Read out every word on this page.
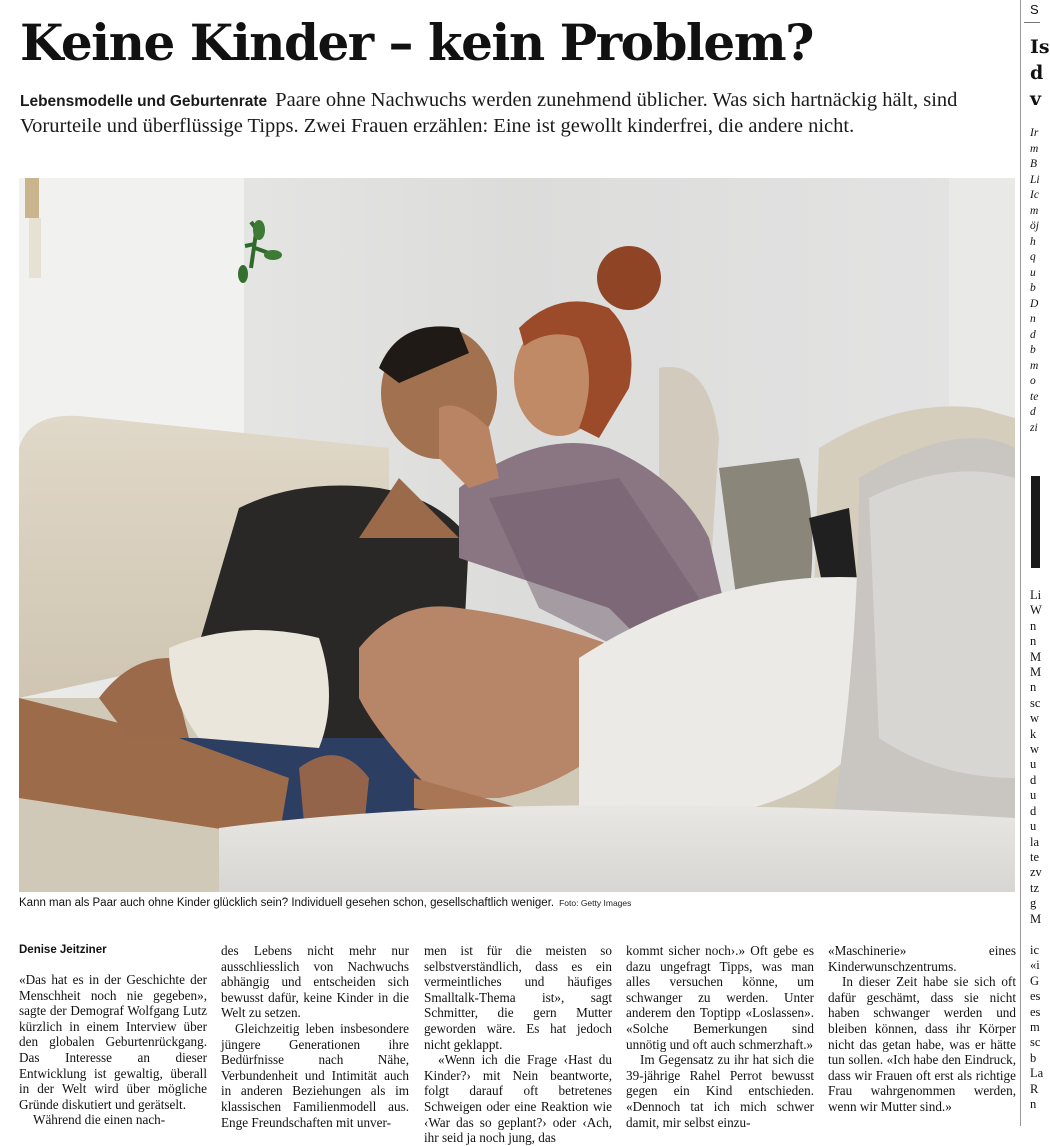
Keine Kinder – kein Problem?
Lebensmodelle und Geburtenrate Paare ohne Nachwuchs werden zunehmend üblicher. Was sich hartnäckig hält, sind Vorurteile und überflüssige Tipps. Zwei Frauen erzählen: Eine ist gewollt kinderfrei, die andere nicht.
Kann man als Paar auch ohne Kinder glücklich sein? Individuell gesehen schon, gesellschaftlich weniger. Foto: Getty Images
Denise Jeitziner

«Das hat es in der Geschichte der Menschheit noch nie gegeben», sagte der Demograf Wolfgang Lutz kürzlich in einem Interview über den globalen Geburtenrückgang. Das Interesse an dieser Entwicklung ist gewaltig, überall in der Welt wird über mögliche Gründe diskutiert und gerätselt.

Während die einen nach-

des Lebens nicht mehr nur ausschliesslich von Nachwuchs abhängig und entscheiden sich bewusst dafür, keine Kinder in die Welt zu setzen.

Gleichzeitig leben insbesondere jüngere Generationen ihre Bedürfnisse nach Nähe, Verbundenheit und Intimität auch in anderen Beziehungen als im klassischen Familienmodell aus. Enge Freundschaften mit unver-

men ist für die meisten so selbstverständlich, dass es ein vermeintliches und häufiges Smalltalk-Thema ist», sagt Schmitter, die gern Mutter geworden wäre. Es hat jedoch nicht geklappt.

«Wenn ich die Frage ‹Hast du Kinder?› mit Nein beantworte, folgt darauf oft betretenes Schweigen oder eine Reaktion wie ‹War das so geplant?› oder ‹Ach, ihr seid ja noch jung, das

kommt sicher noch›.» Oft gebe es dazu ungefragt Tipps, was man alles versuchen könne, um schwanger zu werden. Unter anderem den Toptipp «Loslassen». «Solche Bemerkungen sind unnötig und oft auch schmerzhaft.»

Im Gegensatz zu ihr hat sich die 39-jährige Rahel Perrot bewusst gegen ein Kind entschieden. «Dennoch tat ich mich schwer damit, mir selbst einzu-

«Maschinerie» eines Kinderwunschzentrums.

In dieser Zeit habe sie sich oft dafür geschämt, dass sie nicht haben schwanger werden und bleiben können, dass ihr Körper nicht das getan habe, was er hätte tun sollen. «Ich habe den Eindruck, dass wir Frauen oft erst als richtige Frau wahrgenommen werden, wenn wir Mutter sind.»

S
Is
d
v
Ir
m
B
Li
Ic
m
öj
h
q
u
b
D
n
d
b
m
o
te
d
zi
Li
W
n
n
M
M
n
sc
w
k
w
u
d
u
d
u
la
te
zv
tz
g
M
ic
«i
G
es
es
m
sc
b
La
R
n
